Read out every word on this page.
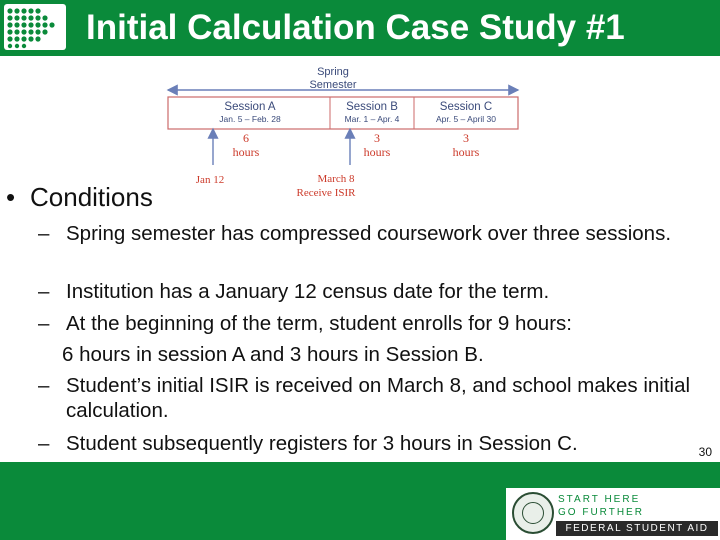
Initial Calculation Case Study #1
Spring
Semester
Session A
Jan. 5 – Feb. 28
Session B
Mar. 1 – Apr. 4
Session C
Apr. 5 – April 30
6
hours
3
hours
3
hours
Jan 12	March 8
Receive ISIR
• Conditions
– Spring semester has compressed coursework over three sessions.
– Institution has a January 12 census date for the term.
– At the beginning of the term, student enrolls for 9 hours:
6 hours in session A and 3 hours in Session B.
– Student’s initial ISIR is received on March 8, and school makes initial calculation.
– Student subsequently registers for 3 hours in Session C.	30
START HERE
GO FURTHER
FEDERAL STUDENT AID
